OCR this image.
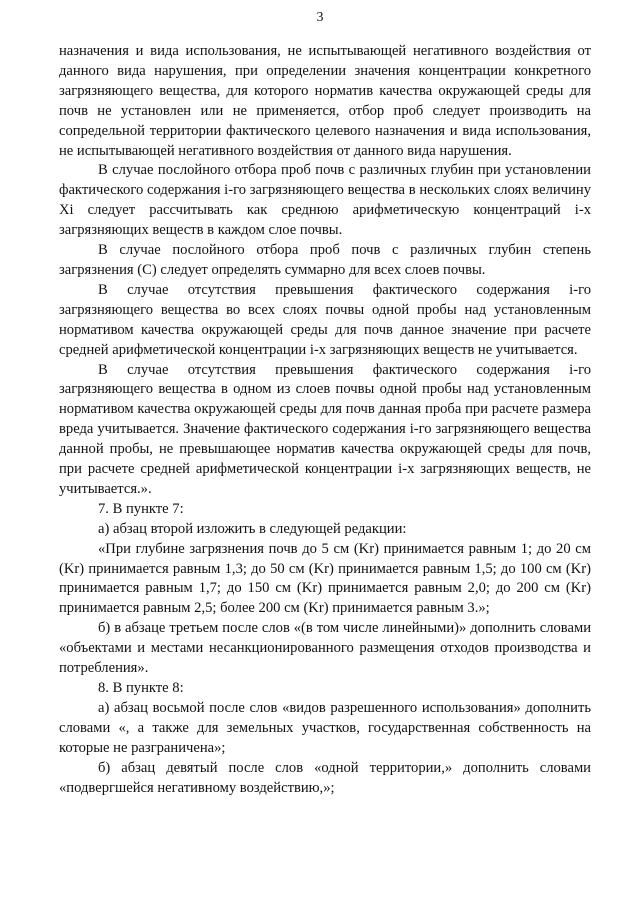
3

назначения и вида использования, не испытывающей негативного воздействия от данного вида нарушения, при определении значения концентрации конкретного загрязняющего вещества, для которого норматив качества окружающей среды для почв не установлен или не применяется, отбор проб следует производить на сопредельной территории фактического целевого назначения и вида использования, не испытывающей негативного воздействия от данного вида нарушения.

В случае послойного отбора проб почв с различных глубин при установлении фактического содержания i-го загрязняющего вещества в нескольких слоях величину Xi следует рассчитывать как среднюю арифметическую концентраций i-х загрязняющих веществ в каждом слое почвы.

В случае послойного отбора проб почв с различных глубин степень загрязнения (С) следует определять суммарно для всех слоев почвы.

В случае отсутствия превышения фактического содержания i-го загрязняющего вещества во всех слоях почвы одной пробы над установленным нормативом качества окружающей среды для почв данное значение при расчете средней арифметической концентрации i-х загрязняющих веществ не учитывается.

В случае отсутствия превышения фактического содержания i-го загрязняющего вещества в одном из слоев почвы одной пробы над установленным нормативом качества окружающей среды для почв данная проба при расчете размера вреда учитывается. Значение фактического содержания i-го загрязняющего вещества данной пробы, не превышающее норматив качества окружающей среды для почв, при расчете средней арифметической концентрации i-х загрязняющих веществ, не учитывается.».

7. В пункте 7:

а) абзац второй изложить в следующей редакции:

«При глубине загрязнения почв до 5 см (Kr) принимается равным 1; до 20 см (Kr) принимается равным 1,3; до 50 см (Kr) принимается равным 1,5; до 100 см (Kr) принимается равным 1,7; до 150 см (Kr) принимается равным 2,0; до 200 см (Kr) принимается равным 2,5; более 200 см (Kr) принимается равным 3.»;

б) в абзаце третьем после слов «(в том числе линейными)» дополнить словами «объектами и местами несанкционированного размещения отходов производства и потребления».

8. В пункте 8:

а) абзац восьмой после слов «видов разрешенного использования» дополнить словами «, а также для земельных участков, государственная собственность на которые не разграничена»;

б) абзац девятый после слов «одной территории,» дополнить словами «подвергшейся негативному воздействию,»;
